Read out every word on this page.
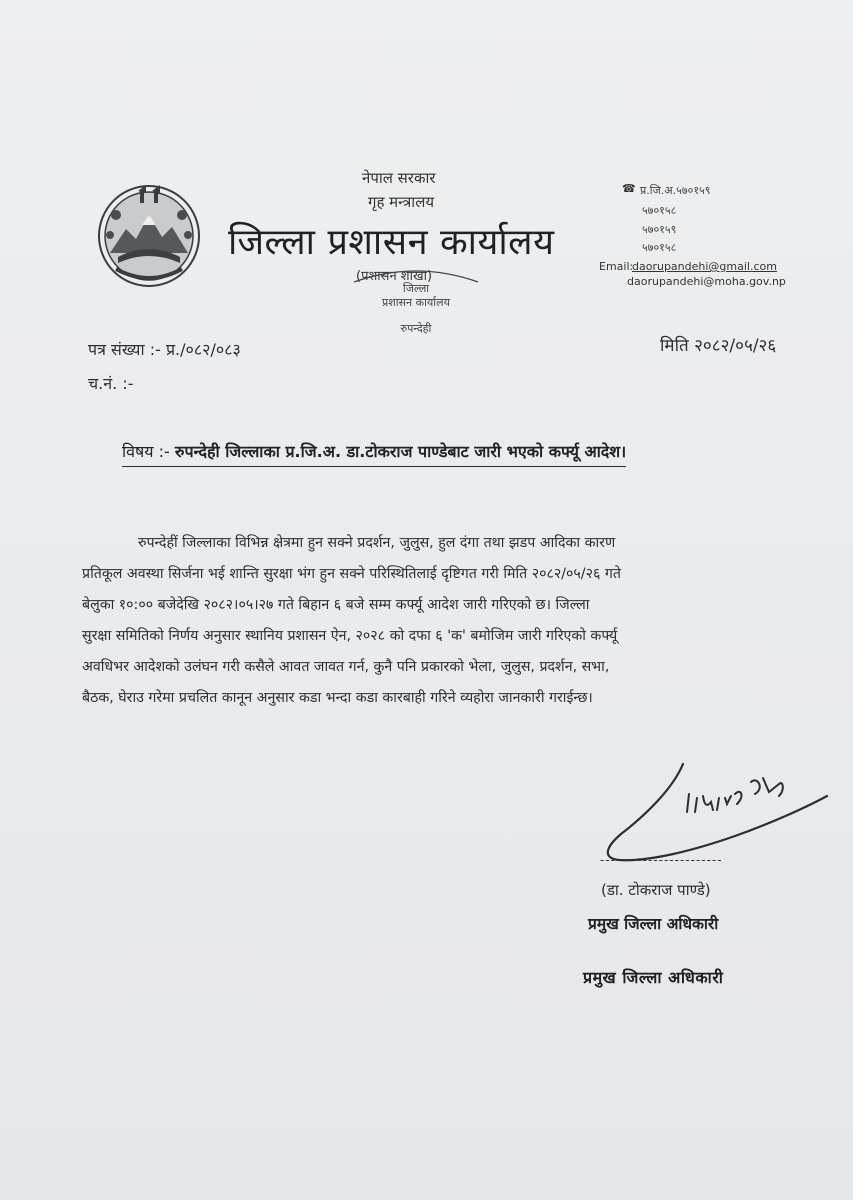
नेपाल सरकार
गृह मन्त्रालय
जिल्ला प्रशासन कार्यालय
(प्रशासन शाखा)
जिल्ला
प्रशासन कार्यालय
रुपन्देही
☎ प्र.जि.अ.५७०१५९
५७०१५८
५७०१५९
५७०१५८
Email:
daorupandehi@gmail.com
daorupandehi@moha.gov.np
पत्र संख्या :- प्र./०८२/०८३
च.नं. :-
मिति २०८२/०५/२६
विषय :- रुपन्देही जिल्लाका प्र.जि.अ. डा.टोकराज पाण्डेबाट जारी भएको कर्फ्यू आदेश।
रुपन्देहीं जिल्लाका विभिन्न क्षेत्रमा हुन सक्ने प्रदर्शन, जुलुस, हुल दंगा तथा झडप आदिका कारण
प्रतिकूल अवस्था सिर्जना भई शान्ति सुरक्षा भंग हुन सक्ने परिस्थितिलाई दृष्टिगत गरी मिति २०८२/०५/२६ गते
बेलुका १०:०० बजेदेखि २०८२।०५।२७ गते बिहान ६ बजे सम्म कर्फ्यू आदेश जारी गरिएको छ। जिल्ला
सुरक्षा समितिको निर्णय अनुसार स्थानिय प्रशासन ऐन, २०२८ को दफा ६ 'क' बमोजिम जारी गरिएको कर्फ्यू
अवधिभर आदेशको उलंघन गरी कसैले आवत जावत गर्न, कुनै पनि प्रकारको भेला, जुलुस, प्रदर्शन, सभा,
बैठक, घेराउ गरेमा प्रचलित कानून अनुसार कडा भन्दा कडा कारबाही गरिने व्यहोरा जानकारी गराईन्छ।
-----------------------
(डा. टोकराज पाण्डे)
प्रमुख जिल्ला अधिकारी
प्रमुख जिल्ला अधिकारी
